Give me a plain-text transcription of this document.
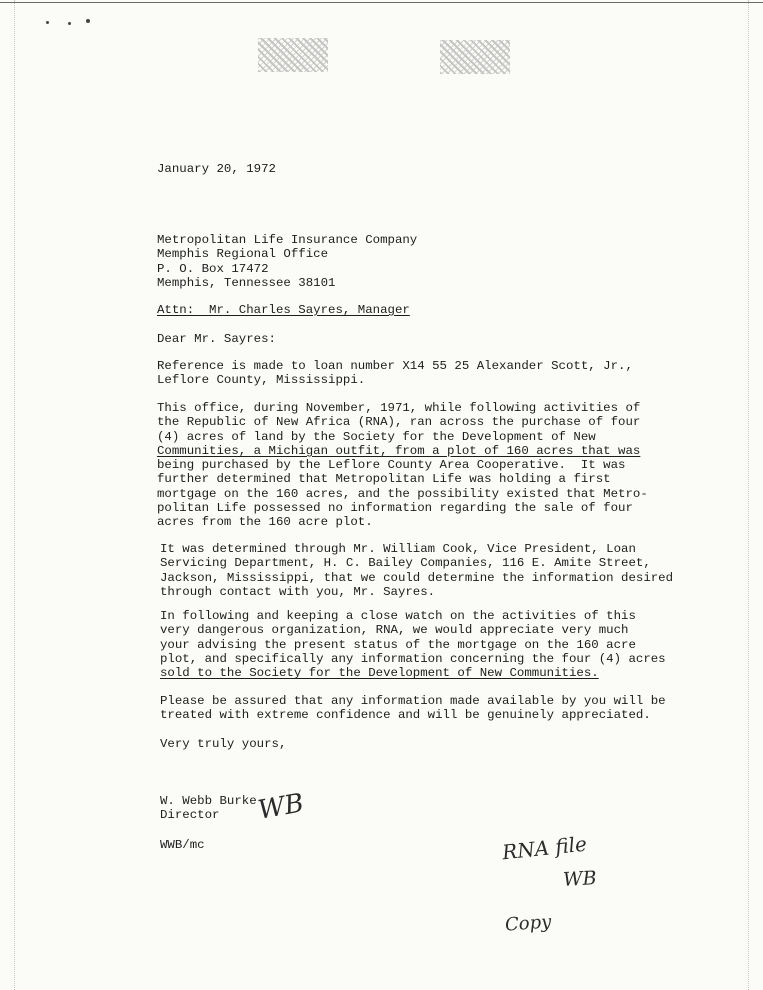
January 20, 1972

Metropolitan Life Insurance Company

Memphis Regional Office

P. O. Box 17472

Memphis, Tennessee 38101

Attn:  Mr. Charles Sayres, Manager

Dear Mr. Sayres:

Reference is made to loan number X14 55 25 Alexander Scott, Jr.,

Leflore County, Mississippi.

This office, during November, 1971, while following activities of

the Republic of New Africa (RNA), ran across the purchase of four

(4) acres of land by the Society for the Development of New

Communities, a Michigan outfit, from a plot of 160 acres that was

being purchased by the Leflore County Area Cooperative.  It was

further determined that Metropolitan Life was holding a first

mortgage on the 160 acres, and the possibility existed that Metro-

politan Life possessed no information regarding the sale of four

acres from the 160 acre plot.

It was determined through Mr. William Cook, Vice President, Loan

Servicing Department, H. C. Bailey Companies, 116 E. Amite Street,

Jackson, Mississippi, that we could determine the information desired

through contact with you, Mr. Sayres.

In following and keeping a close watch on the activities of this

very dangerous organization, RNA, we would appreciate very much

your advising the present status of the mortgage on the 160 acre

plot, and specifically any information concerning the four (4) acres

sold to the Society for the Development of New Communities.

Please be assured that any information made available by you will be

treated with extreme confidence and will be genuinely appreciated.

Very truly yours,

W. Webb Burke

Director

WWB/mc

WB
RNA file
WB
Copy
